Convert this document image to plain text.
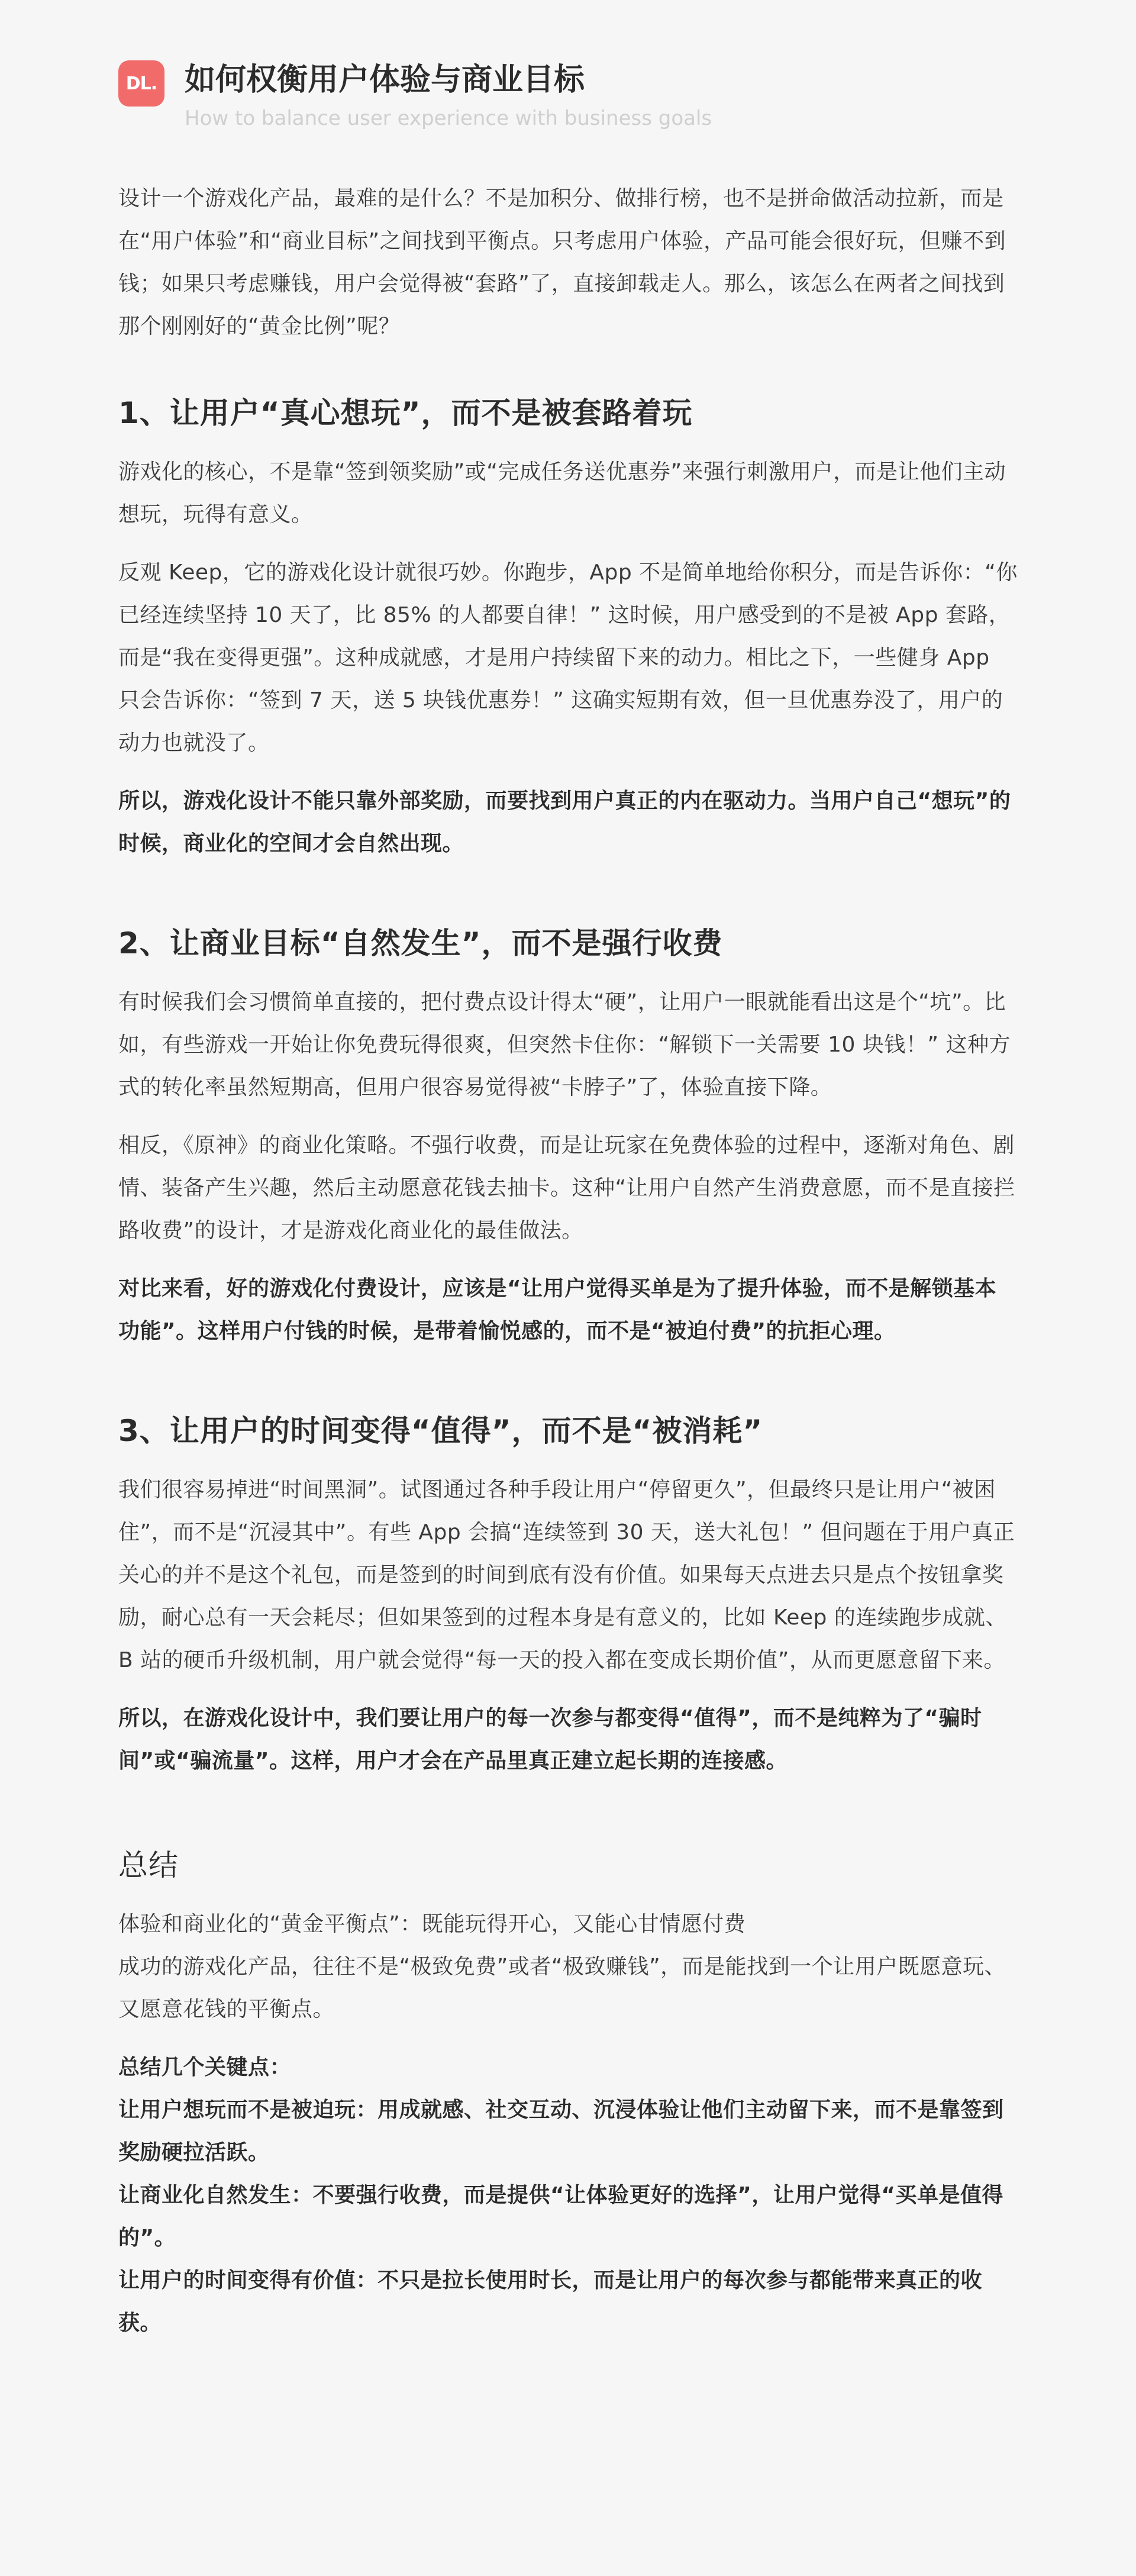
DL. 如何权衡用户体验与商业目标
How to balance user experience with business goals

设计一个游戏化产品，最难的是什么？不是加积分、做排行榜，也不是拼命做活动拉新，而是在“用户体验”和“商业目标”之间找到平衡点。只考虑用户体验，产品可能会很好玩，但赚不到钱；如果只考虑赚钱，用户会觉得被“套路”了，直接卸载走人。那么，该怎么在两者之间找到那个刚刚好的“黄金比例”呢？

1、让用户“真心想玩”，而不是被套路着玩

游戏化的核心，不是靠“签到领奖励”或“完成任务送优惠券”来强行刺激用户，而是让他们主动想玩，玩得有意义。

反观 Keep，它的游戏化设计就很巧妙。你跑步，App 不是简单地给你积分，而是告诉你：“你已经连续坚持 10 天了，比 85% 的人都要自律！” 这时候，用户感受到的不是被 App 套路，而是“我在变得更强”。这种成就感，才是用户持续留下来的动力。相比之下，一些健身 App 只会告诉你：“签到 7 天，送 5 块钱优惠券！” 这确实短期有效，但一旦优惠券没了，用户的动力也就没了。

所以，游戏化设计不能只靠外部奖励，而要找到用户真正的内在驱动力。当用户自己“想玩”的时候，商业化的空间才会自然出现。

2、让商业目标“自然发生”，而不是强行收费

有时候我们会习惯简单直接的，把付费点设计得太“硬”，让用户一眼就能看出这是个“坑”。比如，有些游戏一开始让你免费玩得很爽，但突然卡住你：“解锁下一关需要 10 块钱！” 这种方式的转化率虽然短期高，但用户很容易觉得被“卡脖子”了，体验直接下降。

相反，《原神》的商业化策略。不强行收费，而是让玩家在免费体验的过程中，逐渐对角色、剧情、装备产生兴趣，然后主动愿意花钱去抽卡。这种“让用户自然产生消费意愿，而不是直接拦路收费”的设计，才是游戏化商业化的最佳做法。

对比来看，好的游戏化付费设计，应该是“让用户觉得买单是为了提升体验，而不是解锁基本功能”。这样用户付钱的时候，是带着愉悦感的，而不是“被迫付费”的抗拒心理。

3、让用户的时间变得“值得”，而不是“被消耗”

我们很容易掉进“时间黑洞”。试图通过各种手段让用户“停留更久”，但最终只是让用户“被困住”，而不是“沉浸其中”。有些 App 会搞“连续签到 30 天，送大礼包！” 但问题在于用户真正关心的并不是这个礼包，而是签到的时间到底有没有价值。如果每天点进去只是点个按钮拿奖励，耐心总有一天会耗尽；但如果签到的过程本身是有意义的，比如 Keep 的连续跑步成就、B 站的硬币升级机制，用户就会觉得“每一天的投入都在变成长期价值”，从而更愿意留下来。

所以，在游戏化设计中，我们要让用户的每一次参与都变得“值得”，而不是纯粹为了“骗时间”或“骗流量”。这样，用户才会在产品里真正建立起长期的连接感。

总结

体验和商业化的“黄金平衡点”：既能玩得开心，又能心甘情愿付费

成功的游戏化产品，往往不是“极致免费”或者“极致赚钱”，而是能找到一个让用户既愿意玩、又愿意花钱的平衡点。

总结几个关键点：

让用户想玩而不是被迫玩：用成就感、社交互动、沉浸体验让他们主动留下来，而不是靠签到奖励硬拉活跃。

让商业化自然发生：不要强行收费，而是提供“让体验更好的选择”，让用户觉得“买单是值得的”。

让用户的时间变得有价值：不只是拉长使用时长，而是让用户的每次参与都能带来真正的收获。
